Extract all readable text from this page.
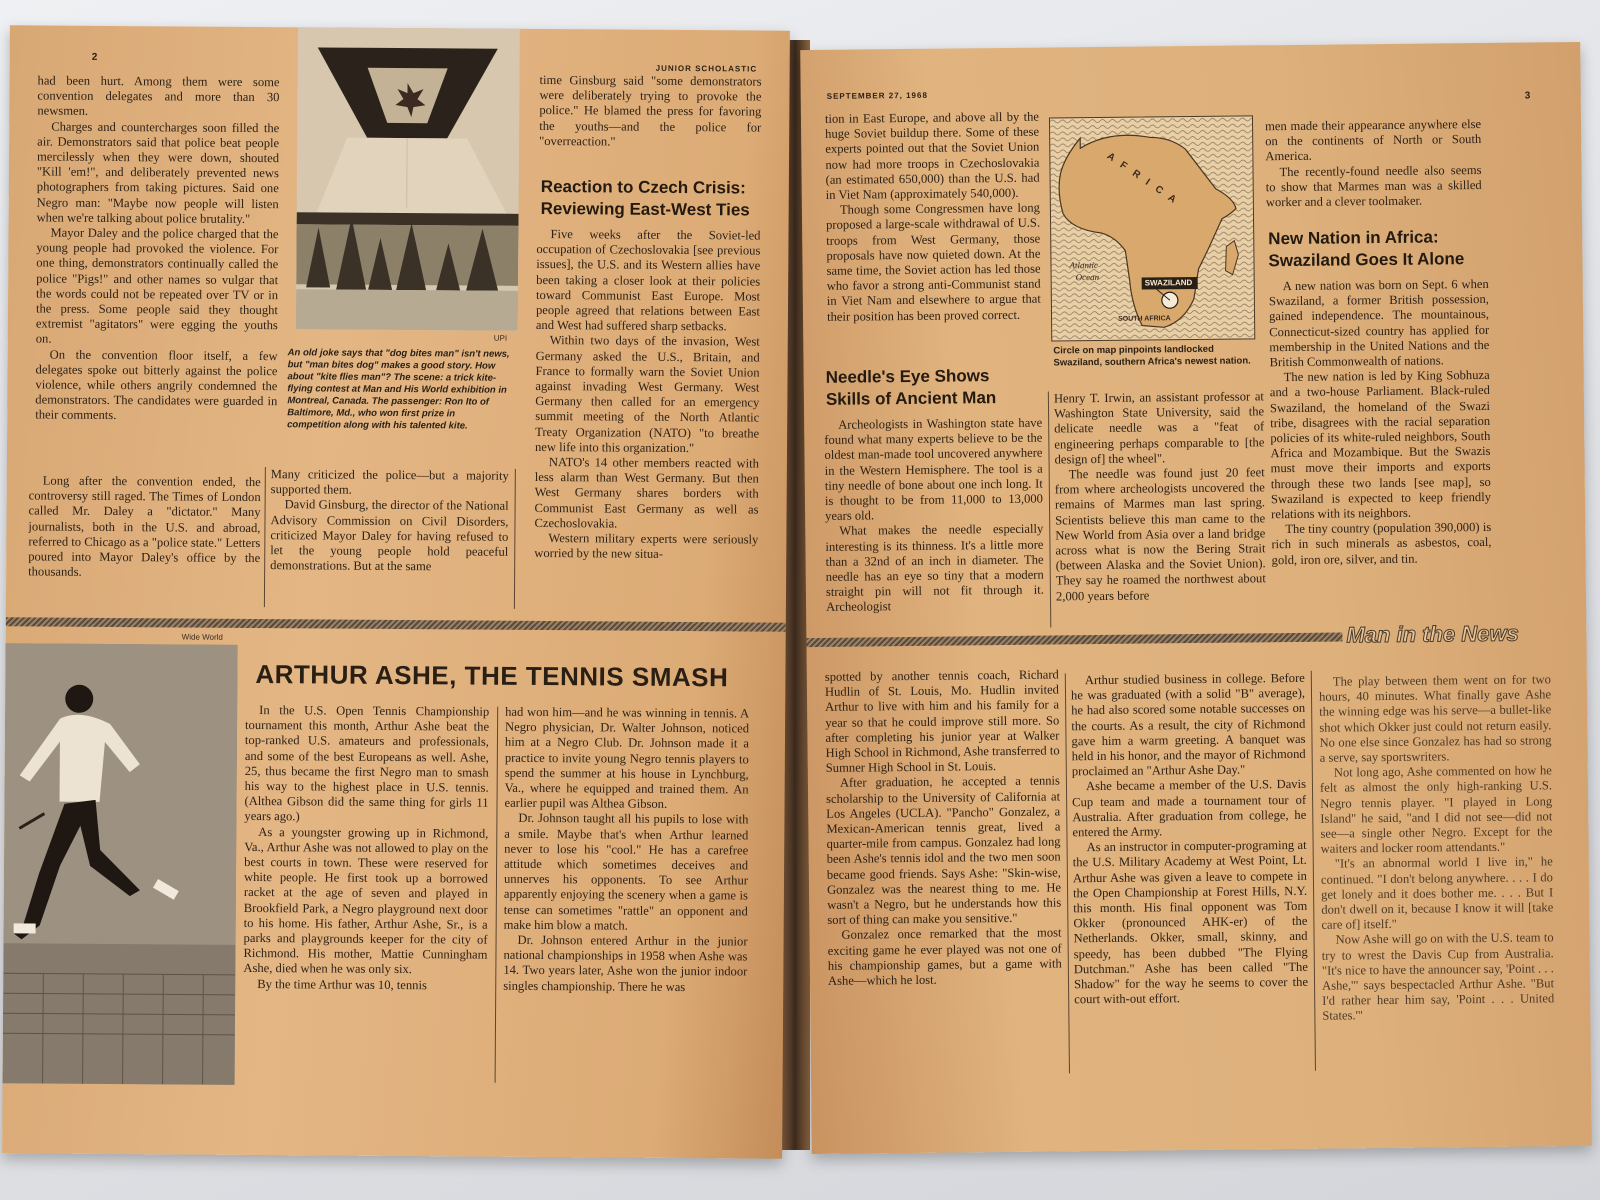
2
JUNIOR SCHOLASTIC

had been hurt. Among them were some convention delegates and more than 30 newsmen.

Charges and countercharges soon filled the air. Demonstrators said that police beat people mercilessly when they were down, shouted "Kill 'em!", and deliberately prevented news photographers from taking pictures. Said one Negro man: "Maybe now people will listen when we're talking about police brutality."

Mayor Daley and the police charged that the young people had provoked the violence. For one thing, demonstrators continually called the police "Pigs!" and other names so vulgar that the words could not be repeated over TV or in the press. Some people said they thought extremist "agitators" were egging the youths on.

On the convention floor itself, a few delegates spoke out bitterly against the police violence, while others angrily condemned the demonstrators. The candidates were guarded in their comments.

Long after the convention ended, the controversy still raged. The Times of London called Mr. Daley a "dictator." Many journalists, both in the U.S. and abroad, referred to Chicago as a "police state." Letters poured into Mayor Daley's office by the thousands.

Many criticized the police—but a majority supported them.

David Ginsburg, the director of the National Advisory Commission on Civil Disorders, criticized Mayor Daley for having refused to let the young people hold peaceful demonstrations. But at the same

UPI
An old joke says that "dog bites man" isn't news, but "man bites dog" makes a good story. How about "kite flies man"? The scene: a trick kite-flying contest at Man and His World exhibition in Montreal, Canada. The passenger: Ron Ito of Baltimore, Md., who won first prize in competition along with his talented kite.

time Ginsburg said "some demonstrators were deliberately trying to provoke the police." He blamed the press for favoring the youths—and the police for "overreaction."

Reaction to Czech Crisis:
Reviewing East-West Ties

Five weeks after the Soviet-led occupation of Czechoslovakia [see previous issues], the U.S. and its Western allies have been taking a closer look at their policies toward Communist East Europe. Most people agreed that relations between East and West had suffered sharp setbacks.

Within two days of the invasion, West Germany asked the U.S., Britain, and France to formally warn the Soviet Union against invading West Germany. West Germany then called for an emergency summit meeting of the North Atlantic Treaty Organization (NATO) "to breathe new life into this organization."

NATO's 14 other members reacted with less alarm than West Germany. But then West Germany shares borders with Communist East Germany as well as Czechoslovakia.

Western military experts were seriously worried by the new situa-

Wide World
ARTHUR ASHE, THE TENNIS SMASH

In the U.S. Open Tennis Championship tournament this month, Arthur Ashe beat the top-ranked U.S. amateurs and professionals, and some of the best Europeans as well. Ashe, 25, thus became the first Negro man to smash his way to the highest place in U.S. tennis. (Althea Gibson did the same thing for girls 11 years ago.)

As a youngster growing up in Richmond, Va., Arthur Ashe was not allowed to play on the best courts in town. These were reserved for white people. He first took up a borrowed racket at the age of seven and played in Brookfield Park, a Negro playground next door to his home. His father, Arthur Ashe, Sr., is a parks and playgrounds keeper for the city of Richmond. His mother, Mattie Cunningham Ashe, died when he was only six.

By the time Arthur was 10, tennis

had won him—and he was winning in tennis. A Negro physician, Dr. Walter Johnson, noticed him at a Negro Club. Dr. Johnson made it a practice to invite young Negro tennis players to spend the summer at his house in Lynchburg, Va., where he equipped and trained them. An earlier pupil was Althea Gibson.

Dr. Johnson taught all his pupils to lose with a smile. Maybe that's when Arthur learned never to lose his "cool." He has a carefree attitude which sometimes deceives and unnerves his opponents. To see Arthur apparently enjoying the scenery when a game is tense can sometimes "rattle" an opponent and make him blow a match.

Dr. Johnson entered Arthur in the junior national championships in 1958 when Ashe was 14. Two years later, Ashe won the junior indoor singles championship. There he was

SEPTEMBER 27, 1968	3

tion in East Europe, and above all by the huge Soviet buildup there. Some of these experts pointed out that the Soviet Union now had more troops in Czechoslovakia (an estimated 650,000) than the U.S. had in Viet Nam (approximately 540,000).

Though some Congressmen have long proposed a large-scale withdrawal of U.S. troops from West Germany, those proposals have now quieted down. At the same time, the Soviet action has led those who favor a strong anti-Communist stand in Viet Nam and elsewhere to argue that their position has been proved correct.

A F R I C A
Atlantic
Ocean
SWAZILAND
SOUTH AFRICA
Circle on map pinpoints landlocked Swaziland, southern Africa's newest nation.

men made their appearance anywhere else on the continents of North or South America.

The recently-found needle also seems to show that Marmes man was a skilled worker and a clever toolmaker.

New Nation in Africa:
Swaziland Goes It Alone

A new nation was born on Sept. 6 when Swaziland, a former British possession, gained independence. The mountainous, Connecticut-sized country has applied for membership in the United Nations and the British Commonwealth of nations.

The new nation is led by King Sobhuza and a two-house Parliament. Black-ruled Swaziland, the homeland of the Swazi tribe, disagrees with the racial separation policies of its white-ruled neighbors, South Africa and Mozambique. But the Swazis must move their imports and exports through these two lands [see map], so Swaziland is expected to keep friendly relations with its neighbors.

The tiny country (population 390,000) is rich in such minerals as asbestos, coal, gold, iron ore, silver, and tin.

Needle's Eye Shows
Skills of Ancient Man

Archeologists in Washington state have found what many experts believe to be the oldest man-made tool uncovered anywhere in the Western Hemisphere. The tool is a tiny needle of bone about one inch long. It is thought to be from 11,000 to 13,000 years old.

What makes the needle especially interesting is its thinness. It's a little more than a 32nd of an inch in diameter. The needle has an eye so tiny that a modern straight pin will not fit through it. Archeologist

Henry T. Irwin, an assistant professor at Washington State University, said the delicate needle was a "feat of engineering perhaps comparable to [the design of] the wheel".

The needle was found just 20 feet from where archeologists uncovered the remains of Marmes man last spring. Scientists believe this man came to the New World from Asia over a land bridge across what is now the Bering Strait (between Alaska and the Soviet Union). They say he roamed the northwest about 2,000 years before

Man in the News

spotted by another tennis coach, Richard Hudlin of St. Louis, Mo. Hudlin invited Arthur to live with him and his family for a year so that he could improve still more. So after completing his junior year at Walker High School in Richmond, Ashe transferred to Sumner High School in St. Louis.

After graduation, he accepted a tennis scholarship to the University of California at Los Angeles (UCLA). "Pancho" Gonzalez, a Mexican-American tennis great, lived a quarter-mile from campus. Gonzalez had long been Ashe's tennis idol and the two men soon became good friends. Says Ashe: "Skin-wise, Gonzalez was the nearest thing to me. He wasn't a Negro, but he understands how this sort of thing can make you sensitive."

Gonzalez once remarked that the most exciting game he ever played was not one of his championship games, but a game with Ashe—which he lost.

Arthur studied business in college. Before he was graduated (with a solid "B" average), he had also scored some notable successes on the courts. As a result, the city of Richmond gave him a warm greeting. A banquet was held in his honor, and the mayor of Richmond proclaimed an "Arthur Ashe Day."

Ashe became a member of the U.S. Davis Cup team and made a tournament tour of Australia. After graduation from college, he entered the Army.

As an instructor in computer-programing at the U.S. Military Academy at West Point, Lt. Arthur Ashe was given a leave to compete in the Open Championship at Forest Hills, N.Y. this month. His final opponent was Tom Okker (pronounced AHK-er) of the Netherlands. Okker, small, skinny, and speedy, has been dubbed "The Flying Dutchman." Ashe has been called "The Shadow" for the way he seems to cover the court with-out effort.

The play between them went on for two hours, 40 minutes. What finally gave Ashe the winning edge was his serve—a bullet-like shot which Okker just could not return easily. No one else since Gonzalez has had so strong a serve, say sportswriters.

Not long ago, Ashe commented on how he felt as almost the only high-ranking U.S. Negro tennis player. "I played in Long Island" he said, "and I did not see—did not see—a single other Negro. Except for the waiters and locker room attendants."

"It's an abnormal world I live in," he continued. "I don't belong anywhere. . . . I do get lonely and it does bother me. . . . But I don't dwell on it, because I know it will [take care of] itself."

Now Ashe will go on with the U.S. team to try to wrest the Davis Cup from Australia. "It's nice to have the announcer say, 'Point . . . Ashe,'" says bespectacled Arthur Ashe. "But I'd rather hear him say, 'Point . . . United States.'"
